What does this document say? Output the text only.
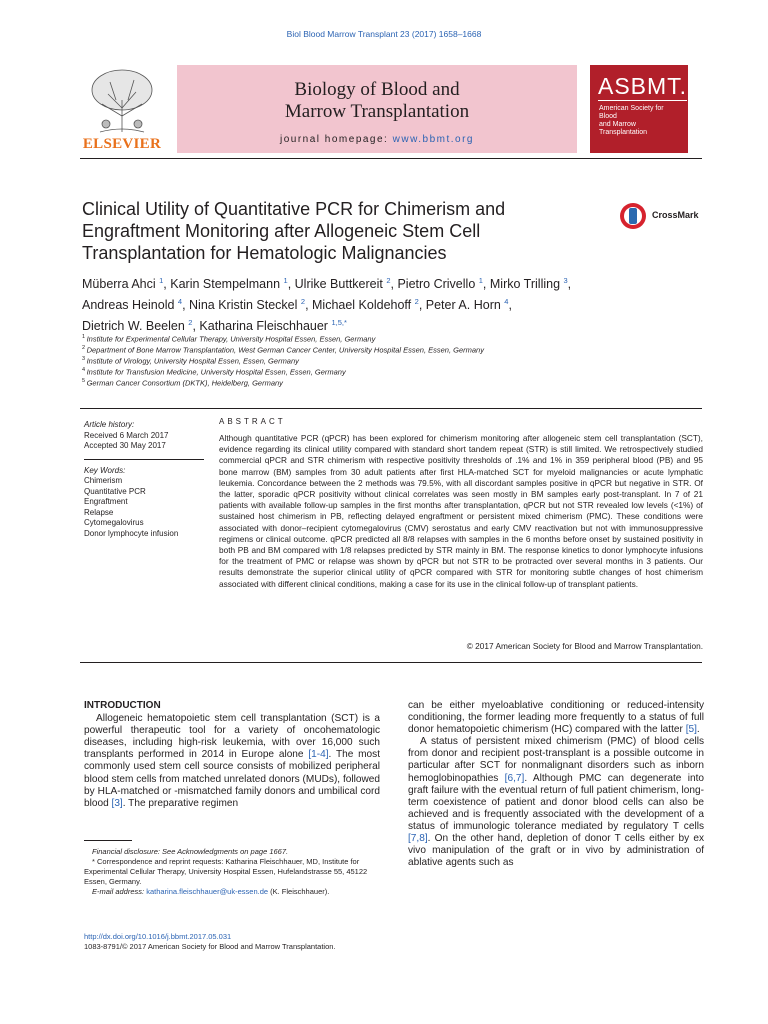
Biol Blood Marrow Transplant 23 (2017) 1658–1668
ELSEVIER
Biology of Blood and
Marrow Transplantation
journal homepage: www.bbmt.org
ASBMT.
American Society for Blood
and Marrow Transplantation
Clinical Utility of Quantitative PCR for Chimerism and
Engraftment Monitoring after Allogeneic Stem Cell
Transplantation for Hematologic Malignancies
CrossMark
Müberra Ahci $^1$, Karin Stempelmann $^1$, Ulrike Buttkereit $^2$, Pietro Crivello $^1$, Mirko Trilling $^3$,
Andreas Heinold $^4$, Nina Kristin Steckel $^2$, Michael Koldehoff $^2$, Peter A. Horn $^4$,
Dietrich W. Beelen $^2$, Katharina Fleischhauer $^{1,5,*}$
$^1$ Institute for Experimental Cellular Therapy, University Hospital Essen, Essen, Germany
$^2$ Department of Bone Marrow Transplantation, West German Cancer Center, University Hospital Essen, Essen, Germany
$^3$ Institute of Virology, University Hospital Essen, Essen, Germany
$^4$ Institute for Transfusion Medicine, University Hospital Essen, Essen, Germany
$^5$ German Cancer Consortium (DKTK), Heidelberg, Germany
Article history:
Received 6 March 2017
Accepted 30 May 2017
Key Words:
Chimerism
Quantitative PCR
Engraftment
Relapse
Cytomegalovirus
Donor lymphocyte infusion
ABSTRACT
Although quantitative PCR (qPCR) has been explored for chimerism monitoring after allogeneic stem cell transplantation (SCT), evidence regarding its clinical utility compared with standard short tandem repeat (STR) is still limited. We retrospectively studied commercial qPCR and STR chimerism with respective positivity thresholds of .1% and 1% in 359 peripheral blood (PB) and 95 bone marrow (BM) samples from 30 adult patients after first HLA-matched SCT for myeloid malignancies or acute lymphatic leukemia. Concordance between the 2 methods was 79.5%, with all discordant samples positive in qPCR but negative in STR. Of the latter, sporadic qPCR positivity without clinical correlates was seen mostly in BM samples early post-transplant. In 7 of 21 patients with available follow-up samples in the first months after transplantation, qPCR but not STR revealed low levels (<1%) of sustained host chimerism in PB, reflecting delayed engraftment or persistent mixed chimerism (PMC). These conditions were associated with donor–recipient cytomegalovirus (CMV) serostatus and early CMV reactivation but not with immunosuppressive regimens or clinical outcome. qPCR predicted all 8/8 relapses with samples in the 6 months before onset by sustained positivity in both PB and BM compared with 1/8 relapses predicted by STR mainly in BM. The response kinetics to donor lymphocyte infusions for the treatment of PMC or relapse was shown by qPCR but not STR to be protracted over several months in 3 patients. Our results demonstrate the superior clinical utility of qPCR compared with STR for monitoring subtle changes of host chimerism associated with different clinical conditions, making a case for its use in the clinical follow-up of transplant patients.
© 2017 American Society for Blood and Marrow Transplantation.
INTRODUCTION

Allogeneic hematopoietic stem cell transplantation (SCT) is a powerful therapeutic tool for a variety of oncohematologic diseases, including high-risk leukemia, with over 16,000 such transplants performed in 2014 in Europe alone [1-4]. The most commonly used stem cell source consists of mobilized peripheral blood stem cells from matched unrelated donors (MUDs), followed by HLA-matched or -mismatched family donors and umbilical cord blood [3]. The preparative regimen

Financial disclosure: See Acknowledgments on page 1667.

* Correspondence and reprint requests: Katharina Fleischhauer, MD, Institute for Experimental Cellular Therapy, University Hospital Essen, Hufelandstrasse 55, 45122 Essen, Germany.

E-mail address: katharina.fleischhauer@uk-essen.de (K. Fleischhauer).

can be either myeloablative conditioning or reduced-intensity conditioning, the former leading more frequently to a status of full donor hematopoietic chimerism (HC) compared with the latter [5].

A status of persistent mixed chimerism (PMC) of blood cells from donor and recipient post-transplant is a possible outcome in particular after SCT for nonmalignant disorders such as inborn hemoglobinopathies [6,7]. Although PMC can degenerate into graft failure with the eventual return of full patient chimerism, long-term coexistence of patient and donor blood cells can also be achieved and is frequently associated with the development of a status of immunologic tolerance mediated by regulatory T cells [7,8]. On the other hand, depletion of donor T cells either by ex vivo manipulation of the graft or in vivo by administration of ablative agents such as

http://dx.doi.org/10.1016/j.bbmt.2017.05.031
1083-8791/© 2017 American Society for Blood and Marrow Transplantation.
